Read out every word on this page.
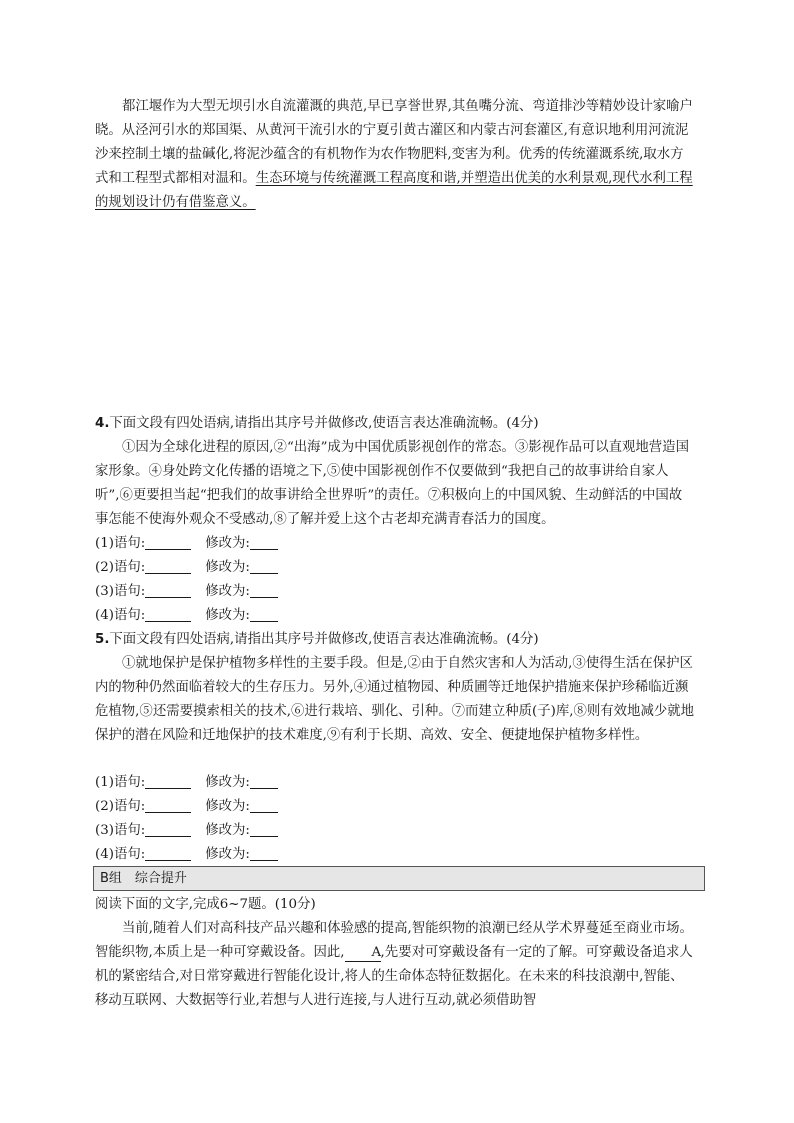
都江堰作为大型无坝引水自流灌溉的典范,早已享誉世界,其鱼嘴分流、弯道排沙等精妙设计家喻户晓。从泾河引水的郑国渠、从黄河干流引水的宁夏引黄古灌区和内蒙古河套灌区,有意识地利用河流泥沙来控制土壤的盐碱化,将泥沙蕴含的有机物作为农作物肥料,变害为利。优秀的传统灌溉系统,取水方式和工程型式都相对温和。生态环境与传统灌溉工程高度和谐,并塑造出优美的水利景观,现代水利工程的规划设计仍有借鉴意义。
4.下面文段有四处语病,请指出其序号并做修改,使语言表达准确流畅。(4分)
①因为全球化进程的原因,②“出海”成为中国优质影视创作的常态。③影视作品可以直观地营造国家形象。④身处跨文化传播的语境之下,⑤使中国影视创作不仅要做到“我把自己的故事讲给自家人听”,⑥更要担当起“把我们的故事讲给全世界听”的责任。⑦积极向上的中国风貌、生动鲜活的中国故事怎能不使海外观众不受感动,⑧了解并爱上这个古老却充满青春活力的国度。
(1)语句:	修改为:
(2)语句:	修改为:
(3)语句:	修改为:
(4)语句:	修改为:
5.下面文段有四处语病,请指出其序号并做修改,使语言表达准确流畅。(4分)
①就地保护是保护植物多样性的主要手段。但是,②由于自然灾害和人为活动,③使得生活在保护区内的物种仍然面临着较大的生存压力。另外,④通过植物园、种质圃等迁地保护措施来保护珍稀临近濒危植物,⑤还需要摸索相关的技术,⑥进行栽培、驯化、引种。⑦而建立种质(子)库,⑧则有效地减少就地保护的潜在风险和迁地保护的技术难度,⑨有利于长期、高效、安全、便捷地保护植物多样性。
(1)语句:	修改为:
(2)语句:	修改为:
(3)语句:	修改为:
(4)语句:	修改为:
B组　综合提升
阅读下面的文字,完成6~7题。(10分)
当前,随着人们对高科技产品兴趣和体验感的提高,智能织物的浪潮已经从学术界蔓延至商业市场。智能织物,本质上是一种可穿戴设备。因此, A,先要对可穿戴设备有一定的了解。可穿戴设备追求人机的紧密结合,对日常穿戴进行智能化设计,将人的生命体态特征数据化。在未来的科技浪潮中,智能、移动互联网、大数据等行业,若想与人进行连接,与人进行互动,就必须借助智
